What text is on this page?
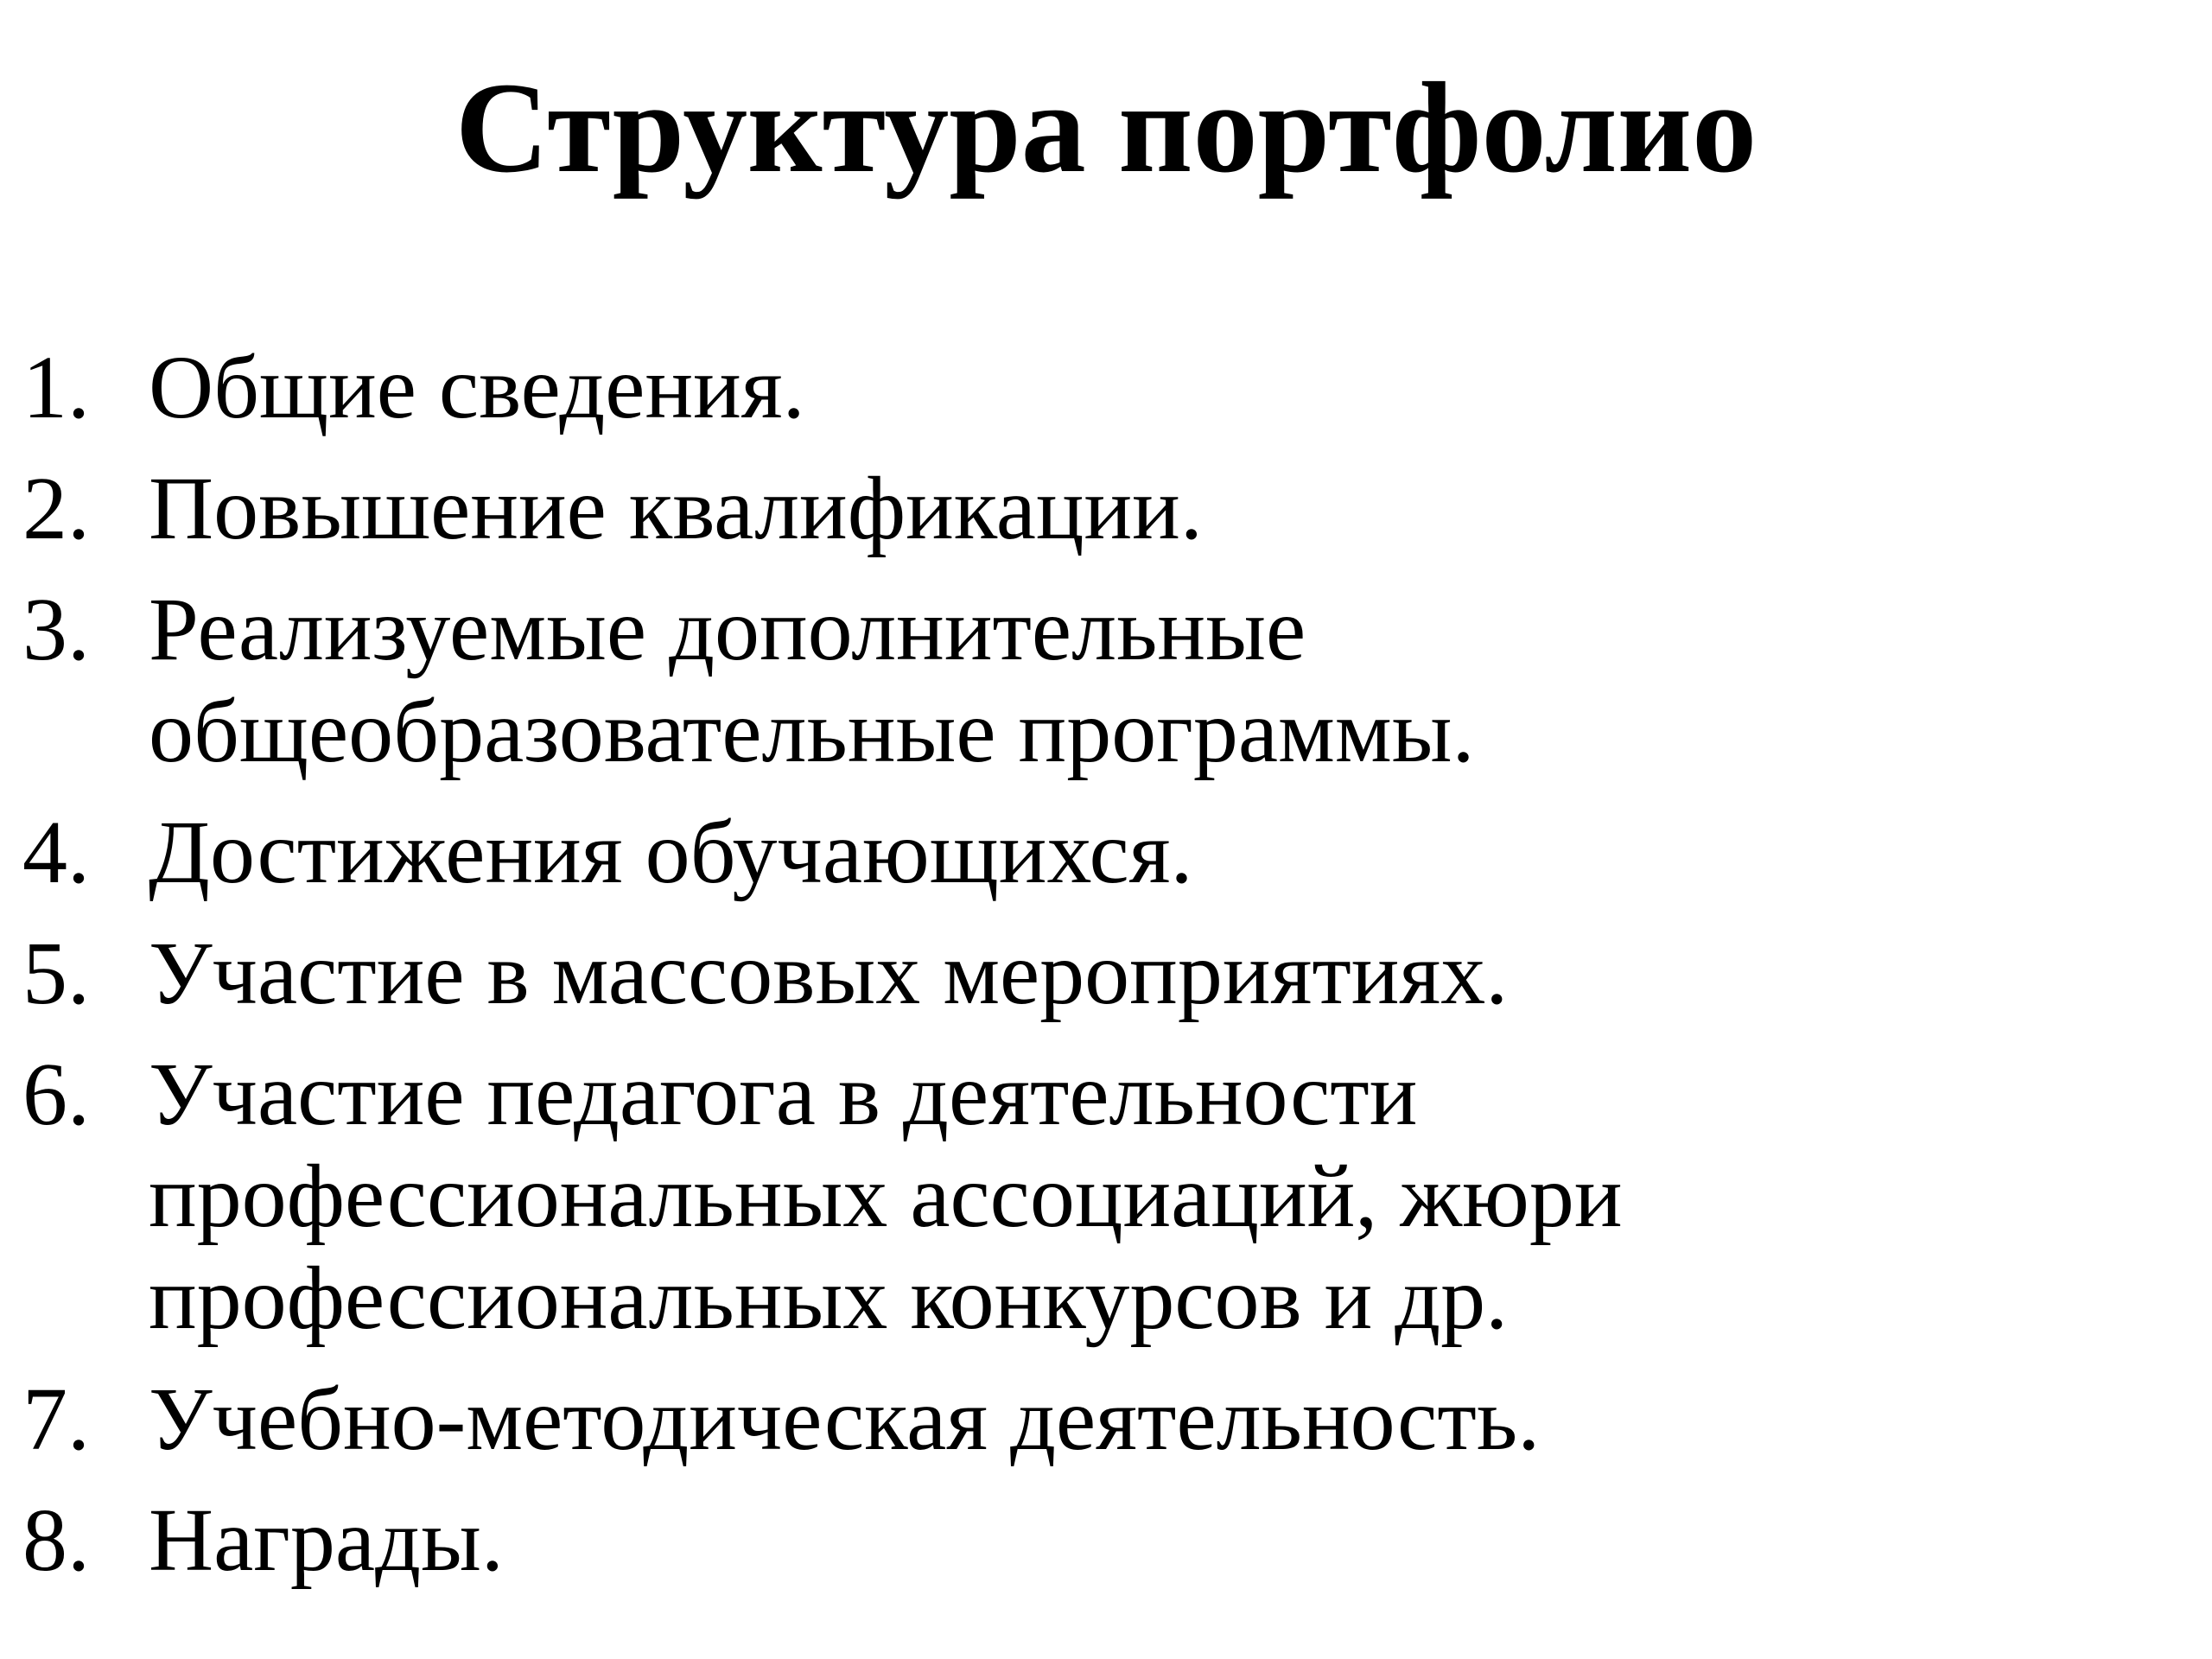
Структура портфолио
1. Общие сведения.
2. Повышение квалификации.
3. Реализуемые дополнительные
общеобразовательные программы.
4. Достижения обучающихся.
5. Участие в массовых мероприятиях.
6. Участие педагога в деятельности
профессиональных ассоциаций, жюри
профессиональных конкурсов и др.
7. Учебно-методическая деятельность.
8. Награды.
